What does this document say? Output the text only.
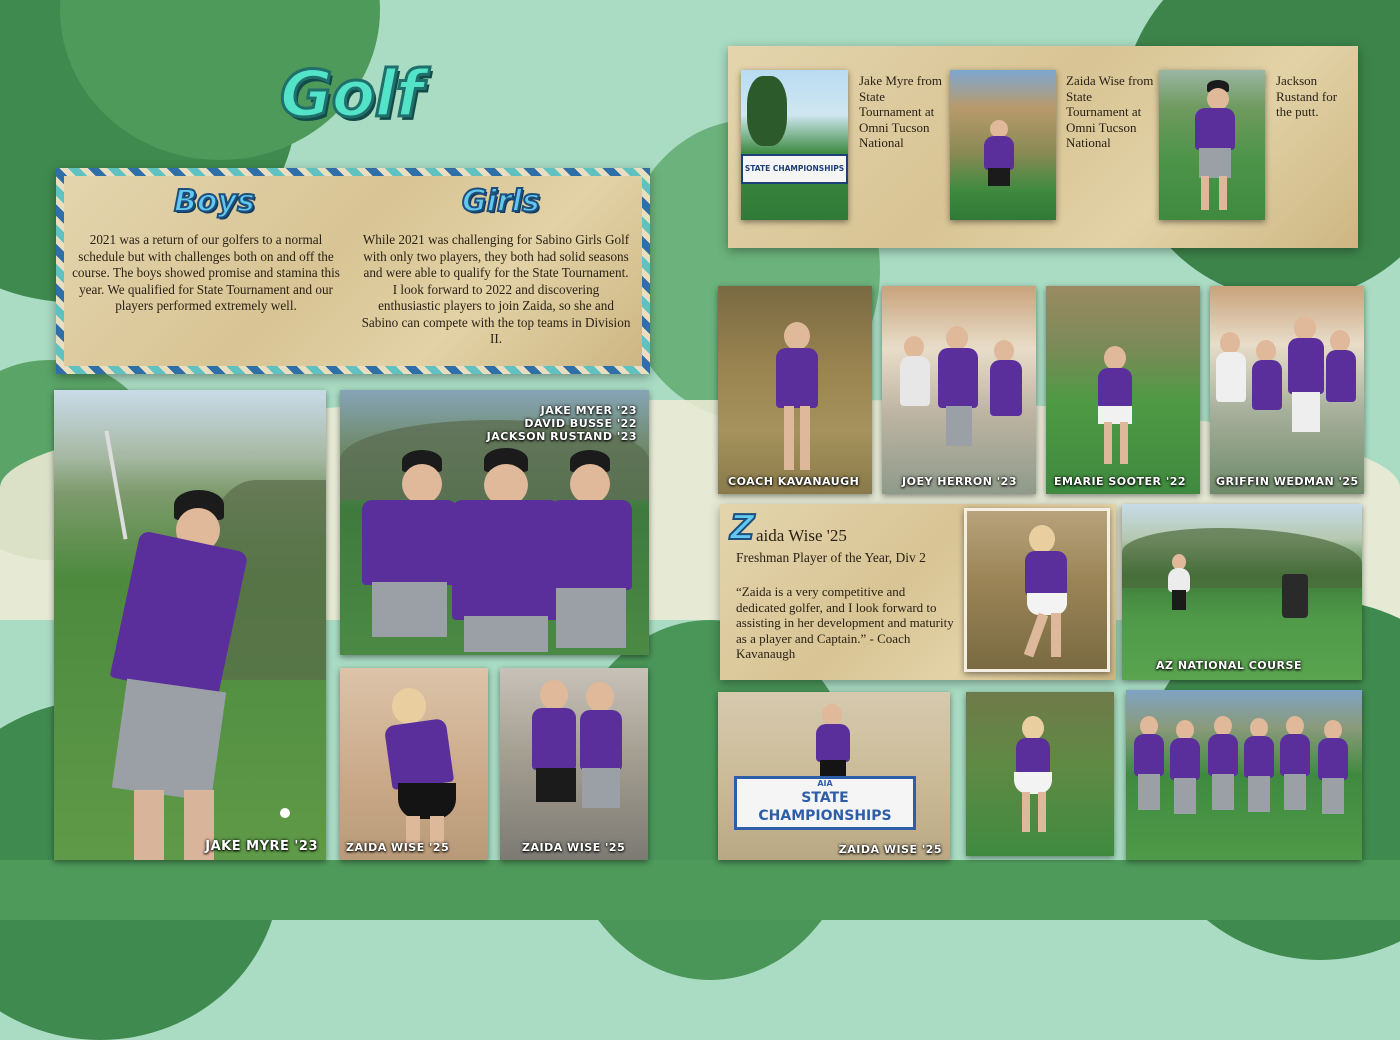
Golf
Boys	Girls
2021 was a return of our golfers to a normal schedule but with challenges both on and off the course. The boys showed promise and stamina this year. We qualified for State Tournament and our players performed extremely well.
While 2021 was challenging for Sabino Girls Golf with only two players, they both had solid seasons and were able to qualify for the State Tournament. I look forward to 2022 and discovering enthusiastic players to join Zaida, so she and Sabino can compete with the top teams in Division II.
JAKE MYRE '23
JAKE MYER '23
DAVID BUSSE '22
JACKSON RUSTAND '23
ZAIDA WISE '25	ZAIDA WISE '25
STATE CHAMPIONSHIPS
Jake Myre from State Tournament at Omni Tucson National
Zaida Wise from State Tournament at Omni Tucson National
Jackson Rustand for the putt.
COACH KAVANAUGH	JOEY HERRON '23	EMARIE SOOTER '22	GRIFFIN WEDMAN '25
Z aida Wise '25
Freshman Player of the Year, Div 2
“Zaida is a very competitive and dedicated golfer, and I look forward to assisting in her development and maturity as a player and Captain.” - Coach Kavanaugh
AZ NATIONAL COURSE
AIA
STATE CHAMPIONSHIPS
ZAIDA WISE '25
